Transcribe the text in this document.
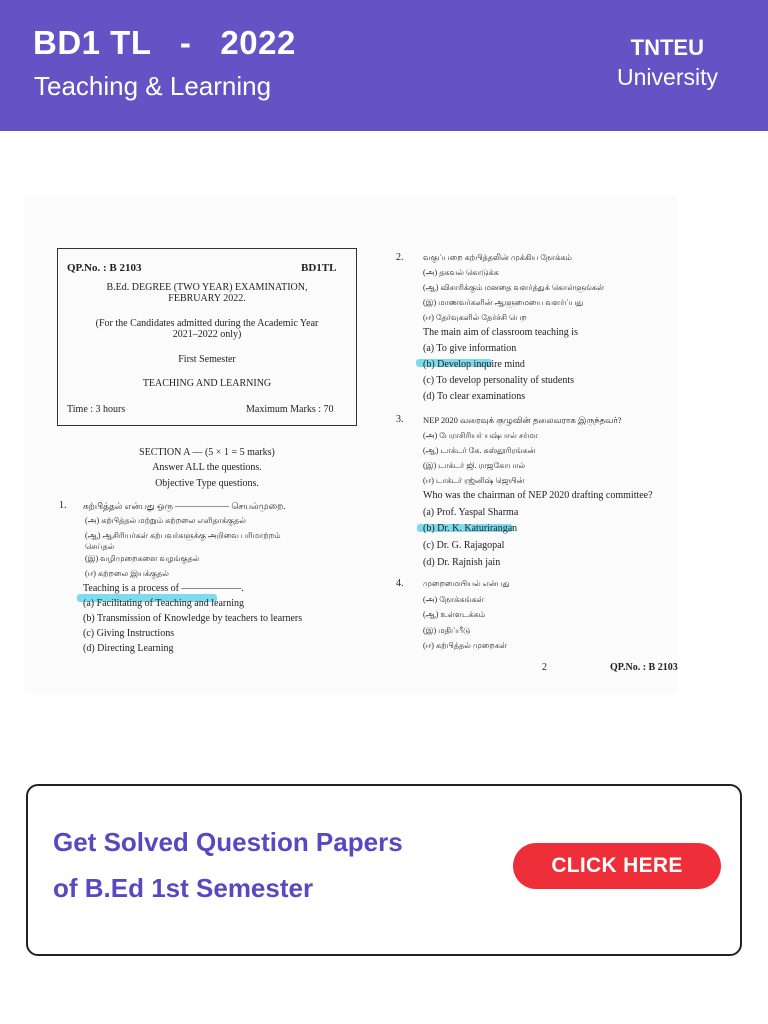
BD1 TL   -   2022
Teaching & Learning
TNTEU
University
QP.No. : B 2103	BD1TL
B.Ed. DEGREE (TWO YEAR) EXAMINATION,
FEBRUARY 2022.
(For the Candidates admitted during the Academic Year
2021–2022 only)
First Semester
TEACHING AND LEARNING
Time : 3 hours	Maximum Marks : 70
SECTION A — (5 × 1 = 5 marks)
Answer ALL the questions.
Objective Type questions.
1. கற்பித்தல் என்பது ஒரு —————— செயல்முறை.
(அ) கற்பித்தல் மற்றும் கற்றலை எளிதாக்குதல்
(ஆ) ஆசிரியர்கள் கற்பவர்களுக்கு அறிவை பரிமாற்றம்
செய்தல்
(இ) வழிமுறைகளை வழங்குதல்
(ஈ) கற்றலை இயக்குதல்
Teaching is a process of ——————.
(a) Facilitating of Teaching and learning
(b) Transmission of Knowledge by teachers to learners
(c) Giving Instructions
(d) Directing Learning
2. வகுப்பறை கற்பித்தலின் முக்கிய நோக்கம்
(அ) தகவல் கொடுக்க
(ஆ) விசாரிக்கும் மனதை வளர்த்துக் கொள்ளுங்கள்
(இ) மாணவர்களின் ஆளுமையை வளர்ப்பது
(ஈ) தேர்வுகளில் தேர்ச்சி பெற
The main aim of classroom teaching is
(a) To give information
(b) Develop inquire mind
(c) To develop personality of students
(d) To clear examinations
3. NEP 2020 வரைவுக் குழுவின் தலைவராக இருந்தவர்?
(அ) பேராசிரியர் யஷ்பால் சர்மா
(ஆ) டாக்டர் கே. கஸ்தூரிரங்கன்
(இ) டாக்டர் ஜி. ராஜகோபால்
(ஈ) டாக்டர் ரஜ்னிஷ் ஜெயின்
Who was the chairman of NEP 2020 drafting committee?
(a) Prof. Yaspal Sharma
(b) Dr. K. Katurirangan
(c) Dr. G. Rajagopal
(d) Dr. Rajnish jain
4. முறைமையியல் என்பது
(அ) நோக்கங்கள்
(ஆ) உள்ளடக்கம்
(இ) மதிப்பீடு
(ஈ) கற்பித்தல் முறைகள்
2	QP.No. : B 2103
Get Solved Question Papers
of B.Ed 1st Semester
CLICK HERE
